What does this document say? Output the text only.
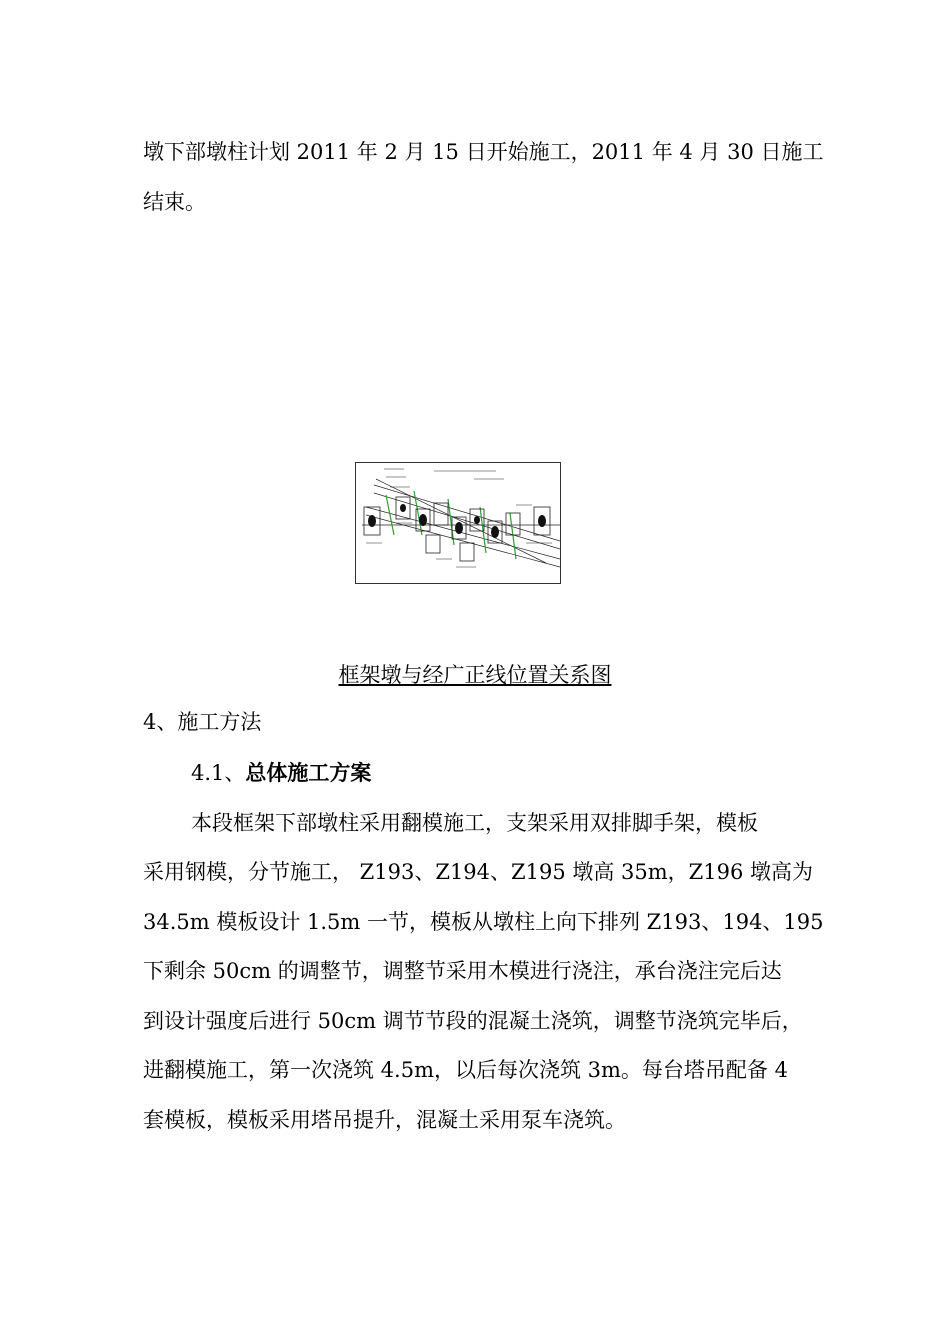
墩下部墩柱计划 2011 年 2 月 15 日开始施工，2011 年 4 月 30 日施工
结束。
框架墩与经广正线位置关系图
4、施工方法
4.1、总体施工方案
本段框架下部墩柱采用翻模施工，支架采用双排脚手架，模板
采用钢模，分节施工， Z193、Z194、Z195 墩高 35m，Z196 墩高为
34.5m 模板设计 1.5m 一节，模板从墩柱上向下排列 Z193、194、195
下剩余 50cm 的调整节，调整节采用木模进行浇注，承台浇注完后达
到设计强度后进行 50cm 调节节段的混凝土浇筑，调整节浇筑完毕后，
进翻模施工，第一次浇筑 4.5m，以后每次浇筑 3m。每台塔吊配备 4
套模板，模板采用塔吊提升，混凝土采用泵车浇筑。
